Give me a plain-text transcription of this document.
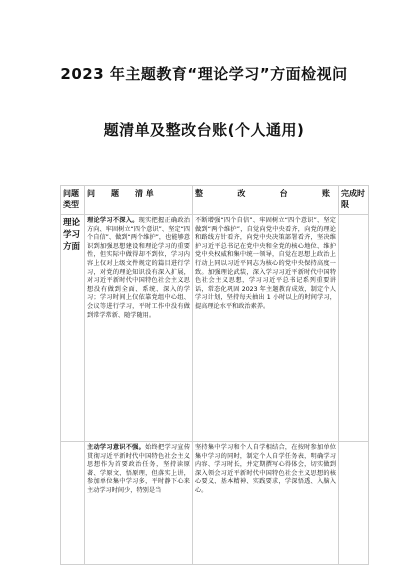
2023 年主题教育“理论学习”方面检视问
题清单及整改台账(个人通用)
问题类型	问　　题　　清 单	整 改 台 账	完成时限

理论学习方面	理论学习不深入。现实把握正确政治方向、牢固树立“四个意识”、坚定“四个自信”、做到“两个维护”，也能够意识到加强思想建设和理论学习的重要性，但实际中做得却不到位，学习内容上仅对上级文件规定的篇目进行学习，对党的理论知识没有深入扩展，对习近平新时代中国特色社会主义思想没有做到全面、系统、深入的学习；学习时间上仅依靠党组中心组、会议等进行学习，平时工作中没有做到常学常新、随学随用。	不断增强“四个自信”、牢固树立“四个意识”、坚定做到“两个维护”，自觉向党中央看齐，向党的理论和路线方针看齐，向党中央决策部署看齐，坚决维护习近平总书记在党中央和全党的核心地位、维护党中央权威和集中统一领导，自觉在思想上政治上行动上同以习近平同志为核心的党中央保持高度一致。加强理论武装，深入学习习近平新时代中国特色社会主义思想，学习习近平总书记系列重要讲话，常态化巩固 2023 年主题教育成效，制定个人学习计划，坚持每天抽出 1 小时以上的时间学习，提高理论水平和政治素养。	

	主动学习意识不强。始终把学习宣传贯彻习近平新时代中国特色社会主义思想作为首要政治任务，坚持读原著、学原文、悟原理，但落实上讲，参加单位集中学习多，平时静下心来主动学习时间少，特别是当	坚持集中学习和个人自学相结合，在按时参加单位集中学习的同时，制定个人自学任务表，明确学习内容、学习时长，并定期撰写心得体会，切实做到深入领会习近平新时代中国特色社会主义思想的核心要义、基本精神、实践要求，学深悟透、入脑入心。	
